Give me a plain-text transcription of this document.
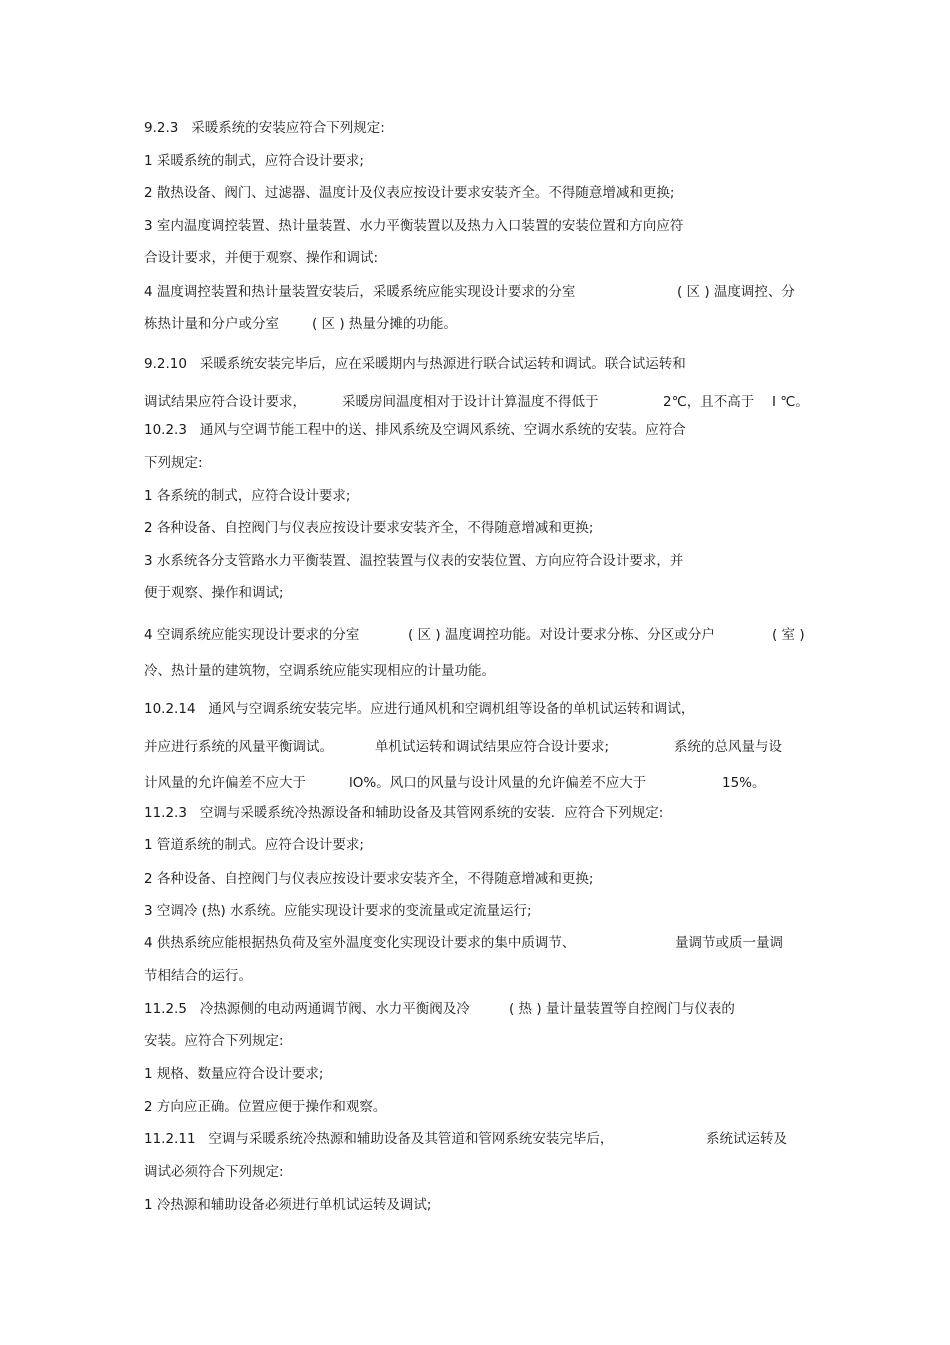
9.2.3   采暖系统的安装应符合下列规定:

1 采暖系统的制式，应符合设计要求;

2 散热设备、阀门、过滤器、温度计及仪表应按设计要求安装齐全。不得随意增减和更换;

3 室内温度调控装置、热计量装置、水力平衡装置以及热力入口装置的安装位置和方向应符

合设计要求，并便于观察、操作和调试:

4 温度调控装置和热计量装置安装后，采暖系统应能实现设计要求的分室

	( 区 ) 温度调控、分

栋热计量和分户或分室

( 区 ) 热量分摊的功能。

9.2.10   采暖系统安装完毕后，应在采暖期内与热源进行联合试运转和调试。联合试运转和

调试结果应符合设计要求，

	采暖房间温度相对于设计计算温度不得低于

	2℃，且不高于

I ℃。

10.2.3   通风与空调节能工程中的送、排风系统及空调风系统、空调水系统的安装。应符合

下列规定:

1 各系统的制式，应符合设计要求;

2 各种设备、自控阀门与仪表应按设计要求安装齐全，不得随意增减和更换;

3 水系统各分支管路水力平衡装置、温控装置与仪表的安装位置、方向应符合设计要求，并

便于观察、操作和调试;

4 空调系统应能实现设计要求的分室

	( 区 ) 温度调控功能。对设计要求分栋、分区或分户

	( 室 )

冷、热计量的建筑物，空调系统应能实现相应的计量功能。

10.2.14   通风与空调系统安装完毕。应进行通风机和空调机组等设备的单机试运转和调试，

并应进行系统的风量平衡调试。

	单机试运转和调试结果应符合设计要求;

	系统的总风量与设

计风量的允许偏差不应大于

	lO%。风口的风量与设计风量的允许偏差不应大于

	15%。

11.2.3   空调与采暖系统冷热源设备和辅助设备及其管网系统的安装．应符合下列规定:

1 管道系统的制式。应符合设计要求;

2 各种设备、自控阀门与仪表应按设计要求安装齐全，不得随意增减和更换;

3 空调冷 (热) 水系统。应能实现设计要求的变流量或定流量运行;

4 供热系统应能根据热负荷及室外温度变化实现设计要求的集中质调节、

	量调节或质一量调

节相结合的运行。

11.2.5   冷热源侧的电动两通调节阀、水力平衡阀及冷

	( 热 ) 量计量装置等自控阀门与仪表的

安装。应符合下列规定:

1 规格、数量应符合设计要求;

2 方向应正确。位置应便于操作和观察。

11.2.11   空调与采暖系统冷热源和辅助设备及其管道和管网系统安装完毕后，

	系统试运转及

调试必须符合下列规定:

1 冷热源和辅助设备必须进行单机试运转及调试;
